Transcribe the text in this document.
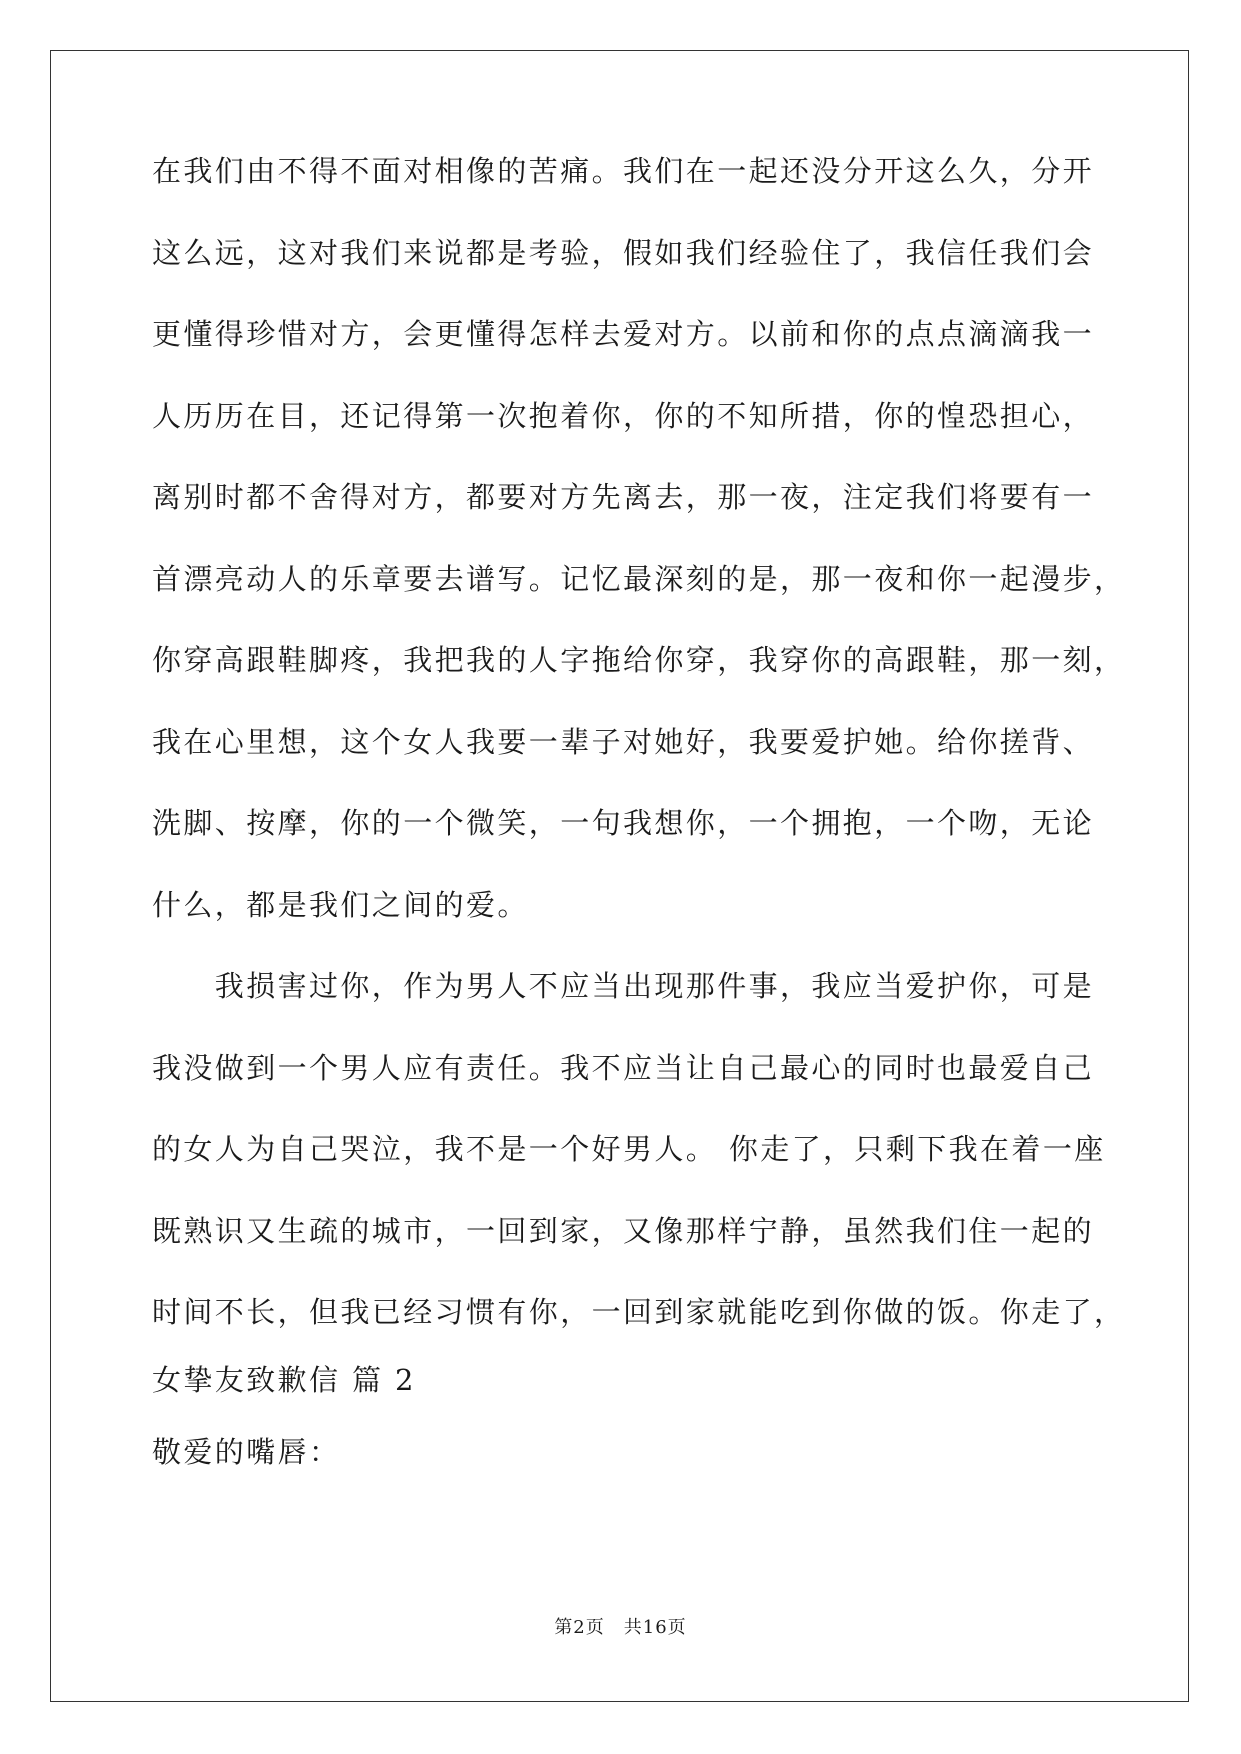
在我们由不得不面对相像的苦痛。我们在一起还没分开这么久，分开
这么远，这对我们来说都是考验，假如我们经验住了，我信任我们会
更懂得珍惜对方，会更懂得怎样去爱对方。以前和你的点点滴滴我一
人历历在目，还记得第一次抱着你，你的不知所措，你的惶恐担心，
离别时都不舍得对方，都要对方先离去，那一夜，注定我们将要有一
首漂亮动人的乐章要去谱写。记忆最深刻的是，那一夜和你一起漫步，
你穿高跟鞋脚疼，我把我的人字拖给你穿，我穿你的高跟鞋，那一刻，
我在心里想，这个女人我要一辈子对她好，我要爱护她。给你搓背、
洗脚、按摩，你的一个微笑，一句我想你，一个拥抱，一个吻，无论
什么，都是我们之间的爱。
　　我损害过你，作为男人不应当出现那件事，我应当爱护你，可是
我没做到一个男人应有责任。我不应当让自己最心的同时也最爱自己
的女人为自己哭泣，我不是一个好男人。 你走了，只剩下我在着一座
既熟识又生疏的城市，一回到家，又像那样宁静，虽然我们住一起的
时间不长，但我已经习惯有你，一回到家就能吃到你做的饭。你走了，
女挚友致歉信 篇 2
敬爱的嘴唇：
第2页　共16页
